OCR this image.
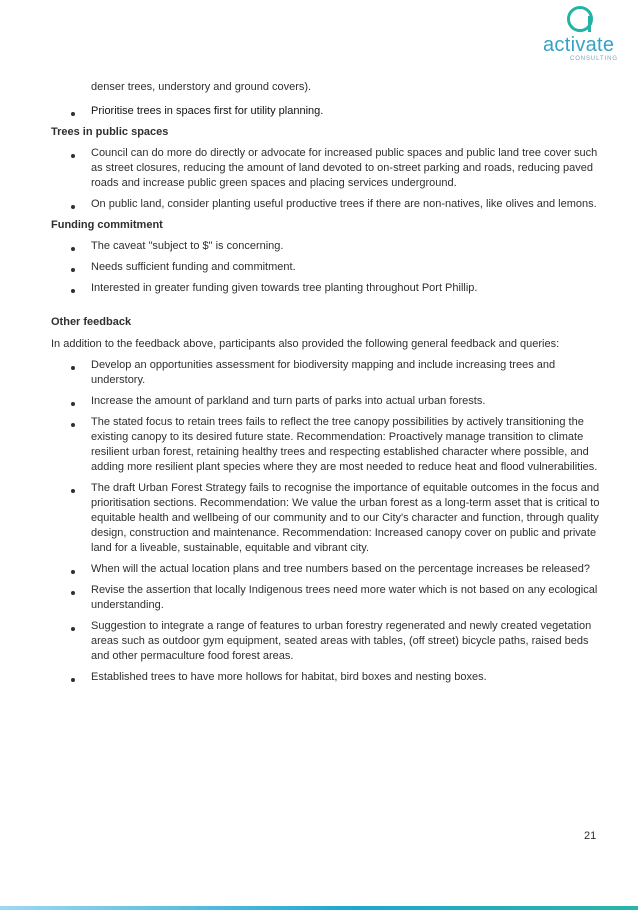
activate
CONSULTING

denser trees, understory and ground covers).

Prioritise trees in spaces first for utility planning.
Trees in public spaces
Council can do more do directly or advocate for increased public spaces and public land tree cover such as street closures, reducing the amount of land devoted to on-street parking and roads, reducing paved roads and increase public green spaces and placing services underground.
On public land, consider planting useful productive trees if there are non-natives, like olives and lemons.
Funding commitment
The caveat "subject to $" is concerning.
Needs sufficient funding and commitment.
Interested in greater funding given towards tree planting throughout Port Phillip.
Other feedback

In addition to the feedback above, participants also provided the following general feedback and queries:

Develop an opportunities assessment for biodiversity mapping and include increasing trees and understory.
Increase the amount of parkland and turn parts of parks into actual urban forests.
The stated focus to retain trees fails to reflect the tree canopy possibilities by actively transitioning the existing canopy to its desired future state. Recommendation: Proactively manage transition to climate resilient urban forest, retaining healthy trees and respecting established character where possible, and adding more resilient plant species where they are most needed to reduce heat and flood vulnerabilities.
The draft Urban Forest Strategy fails to recognise the importance of equitable outcomes in the focus and prioritisation sections. Recommendation: We value the urban forest as a long-term asset that is critical to equitable health and wellbeing of our community and to our City's character and function, through quality design, construction and maintenance. Recommendation: Increased canopy cover on public and private land for a liveable, sustainable, equitable and vibrant city.
When will the actual location plans and tree numbers based on the percentage increases be released?
Revise the assertion that locally Indigenous trees need more water which is not based on any ecological understanding.
Suggestion to integrate a range of features to urban forestry regenerated and newly created vegetation areas such as outdoor gym equipment, seated areas with tables, (off street) bicycle paths, raised beds and other permaculture food forest areas.
Established trees to have more hollows for habitat, bird boxes and nesting boxes.
21
